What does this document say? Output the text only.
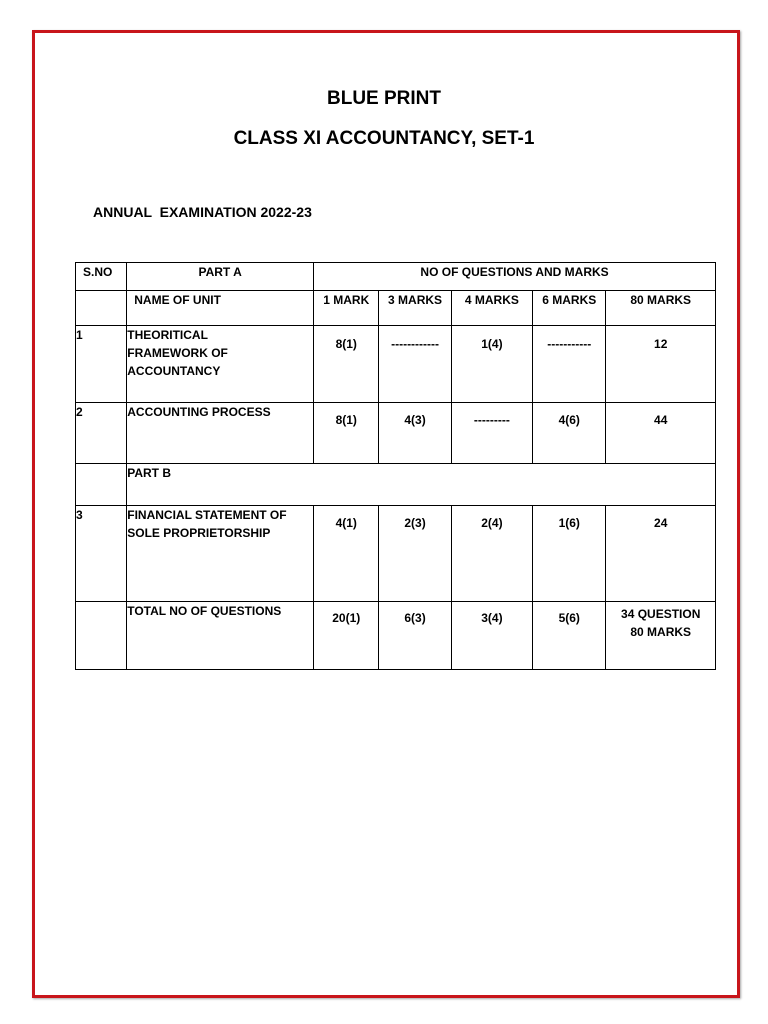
BLUE PRINT
CLASS XI ACCOUNTANCY, SET-1
ANNUAL  EXAMINATION 2022-23
S.NO	PART A	NO OF QUESTIONS AND MARKS				
	NAME OF UNIT	1 MARK	3 MARKS	4 MARKS	6 MARKS	80 MARKS
1	THEORITICAL
FRAMEWORK OF
ACCOUNTANCY	8(1)	------------	1(4)	-----------	12
2	ACCOUNTING PROCESS	8(1)	4(3)	---------	4(6)	44
	PART B					
3	FINANCIAL STATEMENT OF
SOLE PROPRIETORSHIP	4(1)	2(3)	2(4)	1(6)	24
	TOTAL NO OF QUESTIONS	20(1)	6(3)	3(4)	5(6)	34 QUESTION
80 MARKS
